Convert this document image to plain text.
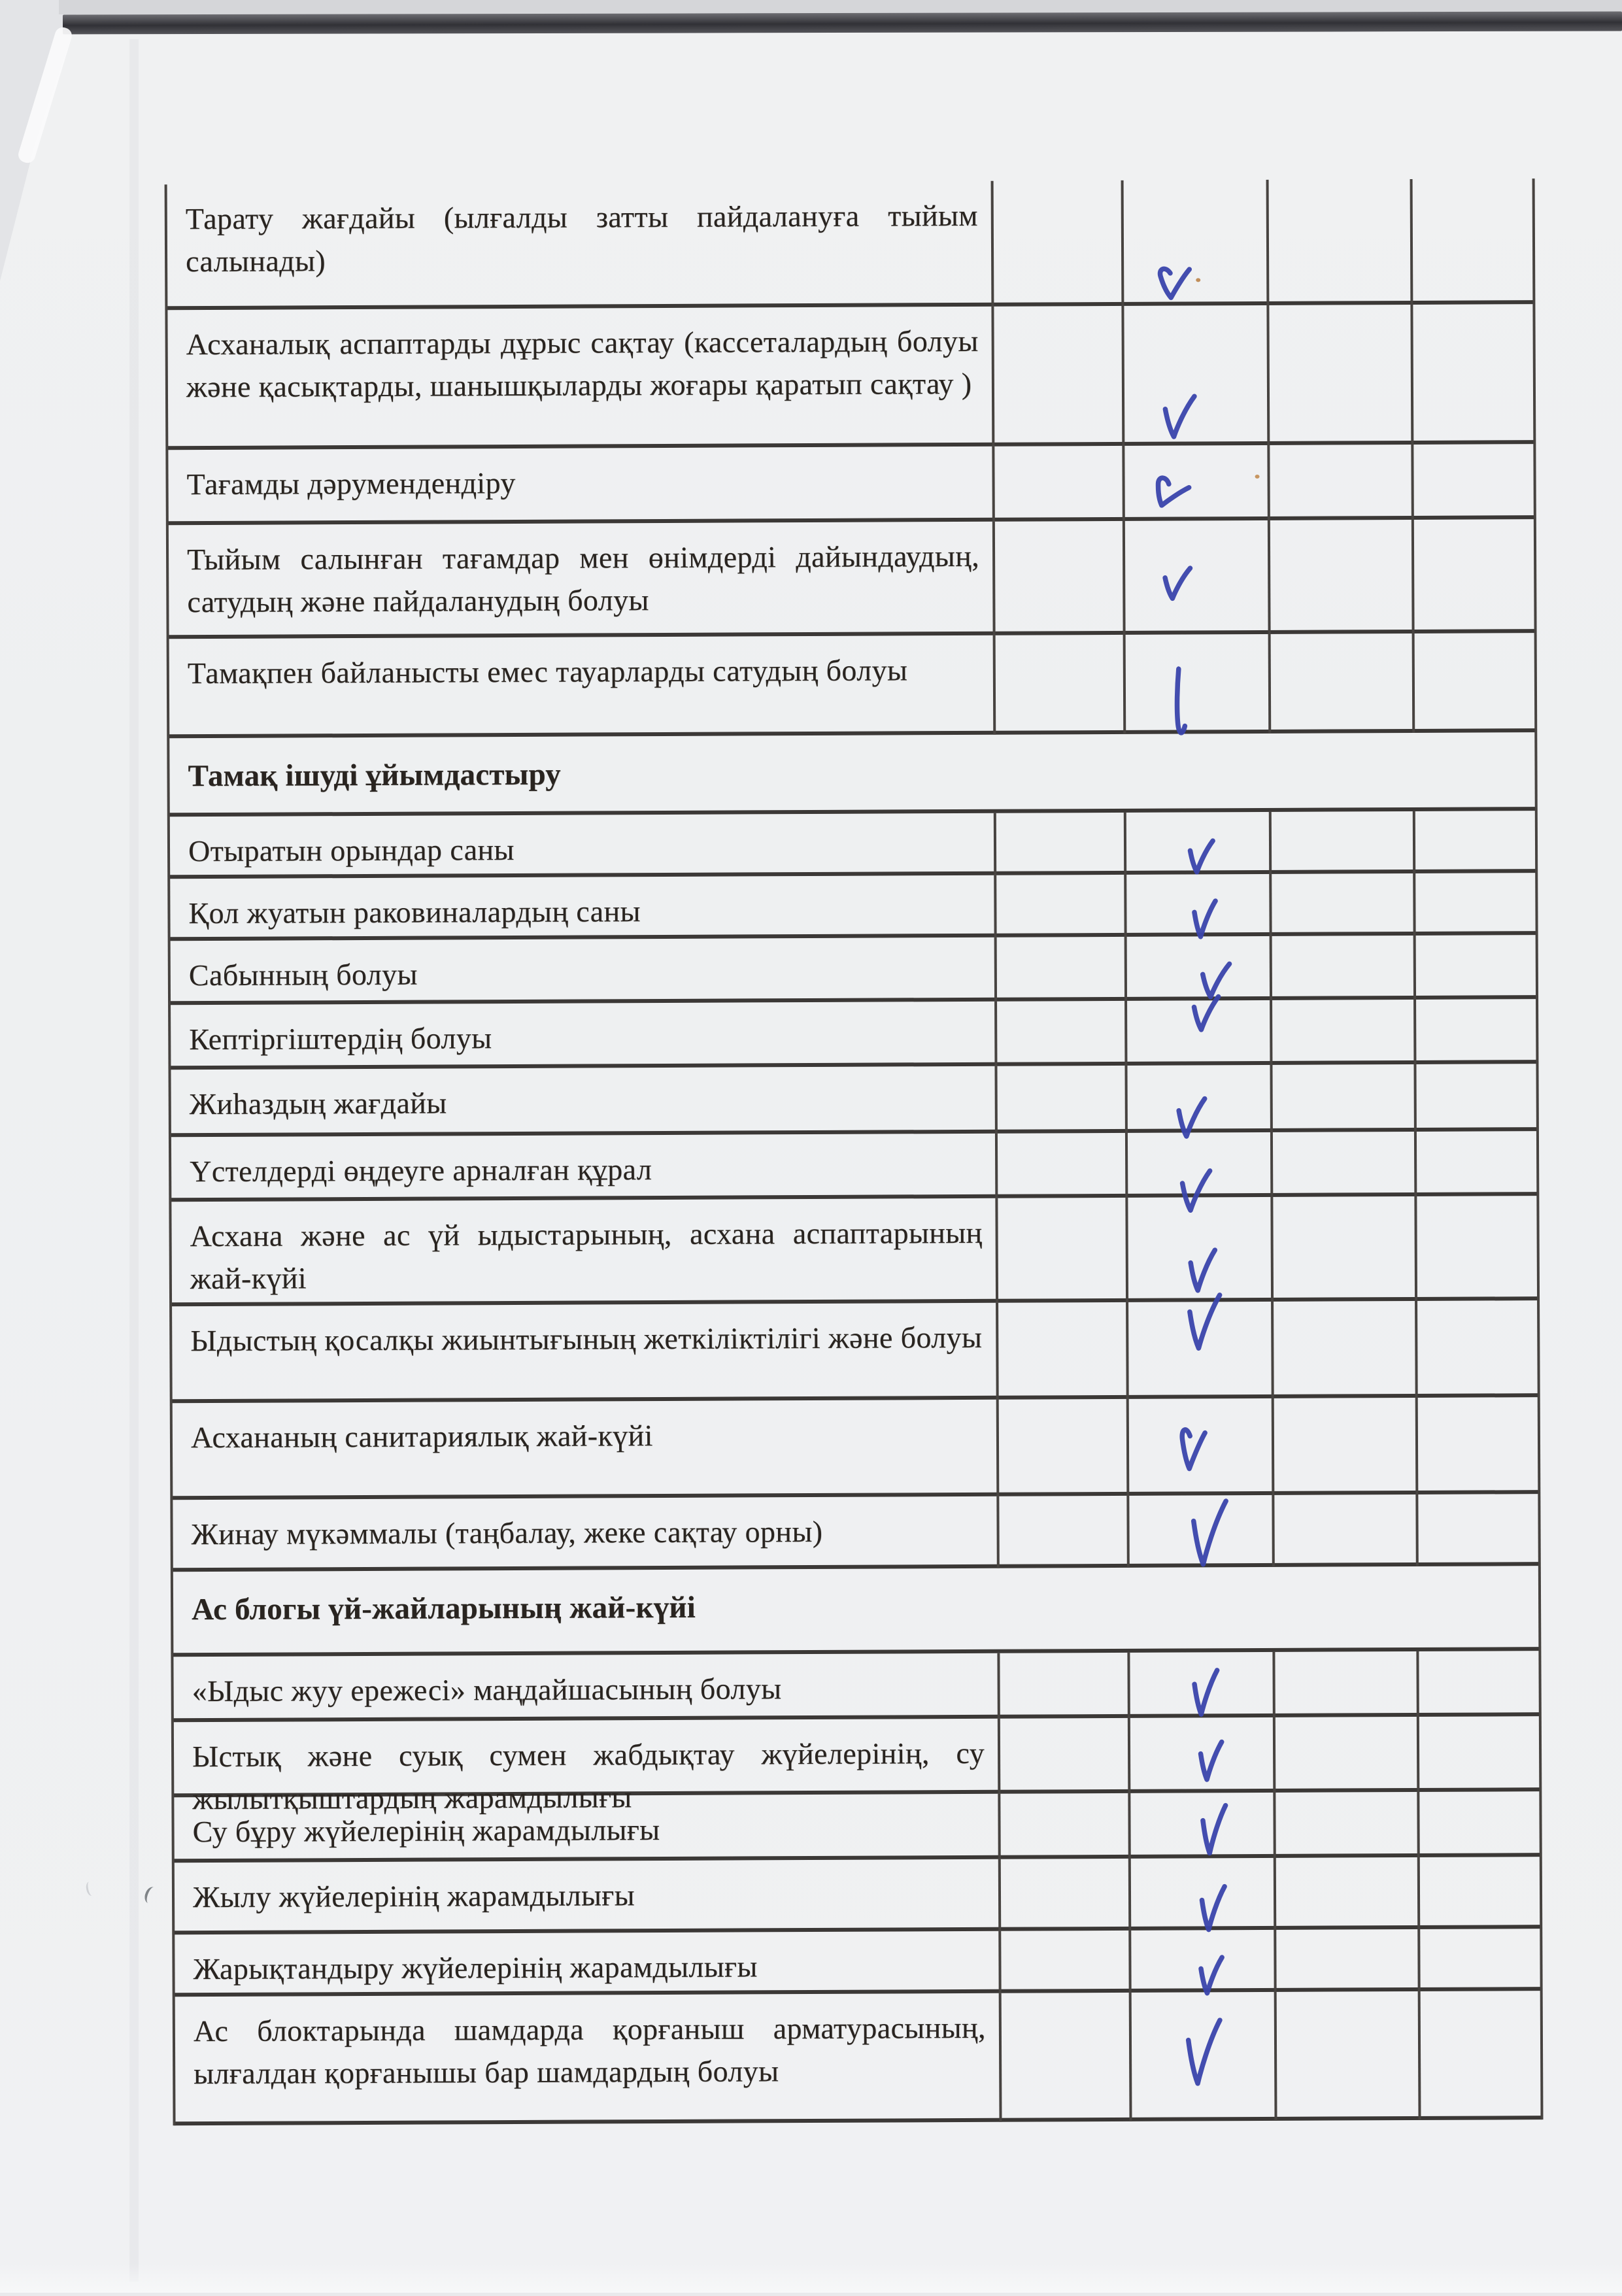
Тарату жағдайы (ылғалды затты пайдалануға тыйым салынады)
Асханалық аспаптарды дұрыс сақтау (кассеталардың болуы және қасықтарды, шанышқыларды жоғары қаратып сақтау )
Тағамды дәрумендендіру
Тыйым салынған тағамдар мен өнімдерді дайындаудың, сатудың және пайдаланудың болуы
Тамақпен байланысты емес тауарларды сатудың болуы
Тамақ ішуді ұйымдастыру
Отыратын орындар саны
Қол жуатын раковиналардың саны
Сабынның болуы
Кептіргіштердің болуы
Жиһаздың жағдайы
Үстелдерді өңдеуге арналған құрал
Асхана және ас үй ыдыстарының, асхана аспаптарының жай-күйі
Ыдыстың қосалқы жиынтығының жеткіліктілігі және болуы
Асхананың санитариялық жай-күйі
Жинау мүкәммалы (таңбалау, жеке сақтау орны)
Ас блогы үй-жайларының жай-күйі
«Ыдыс жуу ережесі» маңдайшасының болуы
Ыстық және суық сумен жабдықтау жүйелерінің, су жылытқыштардың жарамдылығы
Су бұру жүйелерінің жарамдылығы
Жылу жүйелерінің жарамдылығы
Жарықтандыру жүйелерінің жарамдылығы
Ас блоктарында шамдарда қорғаныш арматурасының, ылғалдан қорғанышы бар шамдардың болуы
